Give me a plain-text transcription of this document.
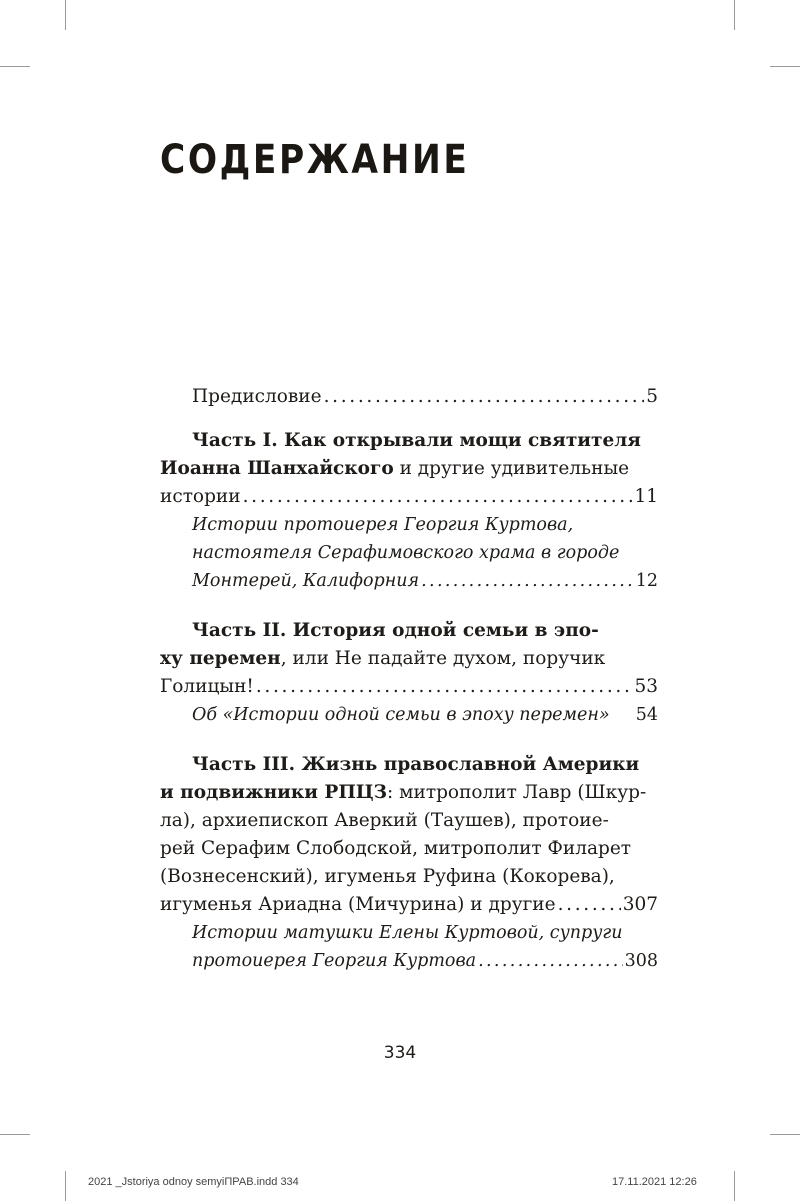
СОДЕРЖАНИЕ
Предисловие . . .	5
Часть I. Как открывали мощи святителя
Иоанна Шанхайского и другие удивительные
истории . . .	11
Истории протоиерея Георгия Куртова,
настоятеля Серафимовского храма в городе
Монтерей, Калифорния . . .	12
Часть II. История одной семьи в эпо-
ху перемен, или Не падайте духом, поручик
Голицын! . . .	53
Об «Истории одной семьи в эпоху перемен» 54
Часть III. Жизнь православной Америки
и подвижники РПЦЗ: митрополит Лавр (Шкур-
ла), архиепископ Аверкий (Таушев), протоие-
рей Серафим Слободской, митрополит Филарет
(Вознесенский), игуменья Руфина (Кокорева),
игуменья Ариадна (Мичурина) и другие . . .	307
Истории матушки Елены Куртовой, супруги
протоиерея Георгия Куртова . . .	308
334
2021 _Jstoriya odnoy semyiПРАВ.indd 334	17.11.2021 12:26
